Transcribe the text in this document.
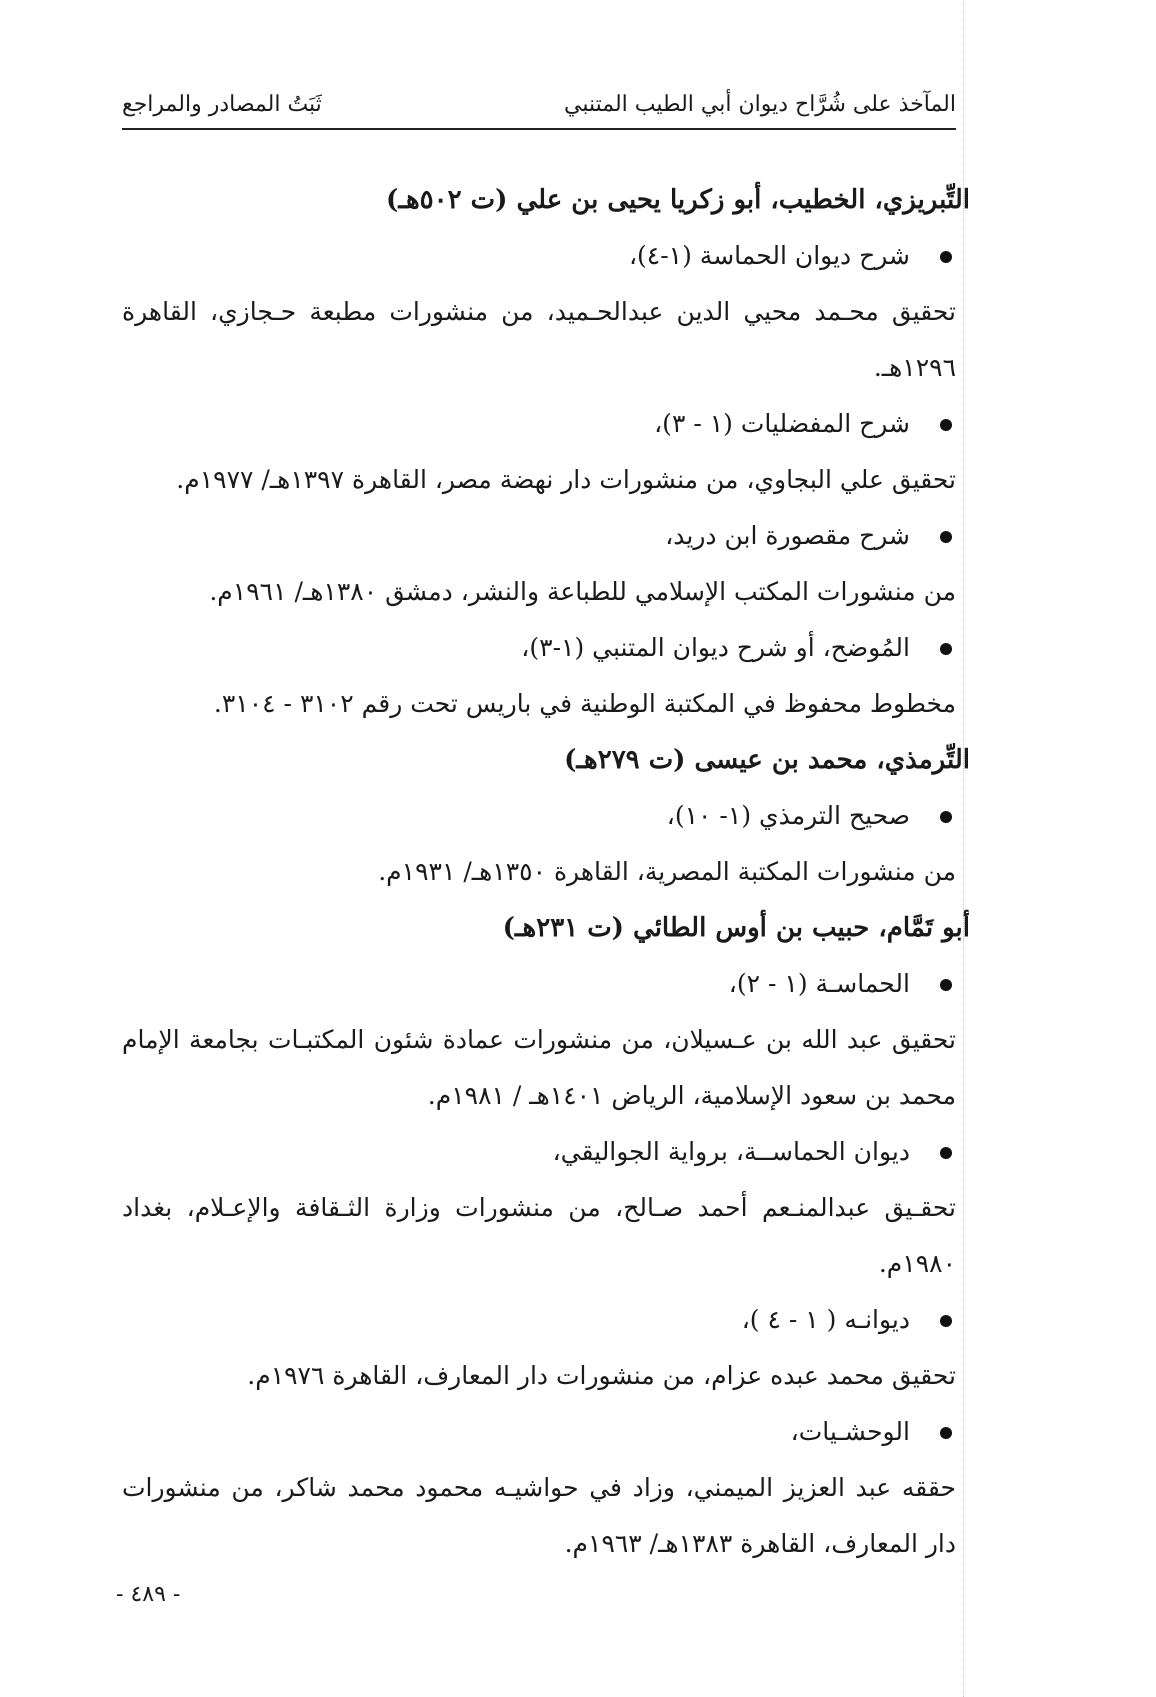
المآخذ على شُرَّاح ديوان أبي الطيب المتنبي
ثَبَتُ المصادر والمراجع
التِّبريزي، الخطيب، أبو زكريا يحيى بن علي (ت ٥٠٢هـ)
شرح ديوان الحماسة (١-٤)،
تحقيق محـمد محيي الدين عبدالحـميد، من منشورات مطبعة حـجازي، القاهرة
١٢٩٦هـ.
شرح المفضليات (١ - ٣)،
تحقيق علي البجاوي، من منشورات دار نهضة مصر، القاهرة ١٣٩٧هـ/ ١٩٧٧م.
شرح مقصورة ابن دريد،
من منشورات المكتب الإسلامي للطباعة والنشر، دمشق ١٣٨٠هـ/ ١٩٦١م.
المُوضح، أو شرح ديوان المتنبي (١-٣)،
مخطوط محفوظ في المكتبة الوطنية في باريس تحت رقم ٣١٠٢ - ٣١٠٤.
التِّرمذي، محمد بن عيسى (ت ٢٧٩هـ)
صحيح الترمذي (١- ١٠)،
من منشورات المكتبة المصرية، القاهرة ١٣٥٠هـ/ ١٩٣١م.
أبو تَمَّام، حبيب بن أوس الطائي (ت ٢٣١هـ)
الحماسـة (١ - ٢)،
تحقيق عبد الله بن عـسيلان، من منشورات عمادة شئون المكتبـات بجامعة الإمام
محمد بن سعود الإسلامية، الرياض ١٤٠١هـ / ١٩٨١م.
ديوان الحماســة، برواية الجواليقي،
تحقـيق عبدالمنـعم أحمد صـالح، من منشورات وزارة الثـقافة والإعـلام، بغداد
١٩٨٠م.
ديوانـه ( ١ - ٤ )،
تحقيق محمد عبده عزام، من منشورات دار المعارف، القاهرة ١٩٧٦م.
الوحشـيات،
حققه عبد العزيز الميمني، وزاد في حواشيـه محمود محمد شاكر، من منشورات
دار المعارف، القاهرة ١٣٨٣هـ/ ١٩٦٣م.
- ٤٨٩ -
